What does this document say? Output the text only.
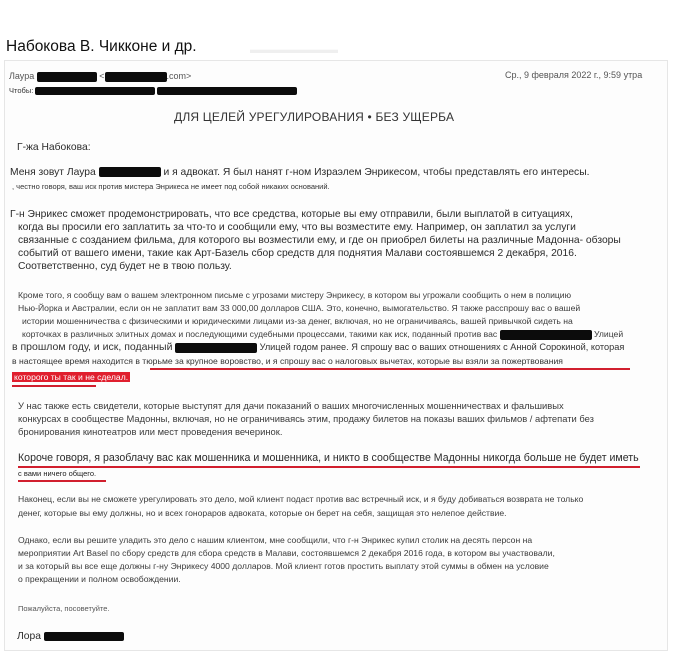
Набокова В. Чикконе и др.	▬▬▬▬▬▬▬▬
Лаура	<	.com>	Ср., 9 февраля 2022 г., 9:59 утра
Чтобы:
ДЛЯ ЦЕЛЕЙ УРЕГУЛИРОВАНИЯ • БЕЗ УЩЕРБА
Г-жа Набокова:
Меня зовут Лаура	и я адвокат. Я был нанят г-ном Израэлем Энрикесом, чтобы представлять его интересы.
, честно говоря, ваш иск против мистера Энрикеса не имеет под собой никаких оснований.
Г-н Энрикес сможет продемонстрировать, что все средства, которые вы ему отправили, были выплатой в ситуациях,
когда вы просили его заплатить за что-то и сообщили ему, что вы возместите ему. Например, он заплатил за услуги
связанные с созданием фильма, для которого вы возместили ему, и где он приобрел билеты на различные Мадонна- обзоры
событий от вашего имени, такие как Арт-Базель сбор средств для поднятия Малави состоявшемся 2 декабря, 2016.
Соответственно, суд будет не в твою пользу.
Кроме того, я сообщу вам о вашем электронном письме с угрозами мистеру Энрикесу, в котором вы угрожали сообщить о нем в полицию
Нью-Йорка и Австралии, если он не заплатит вам 33 000,00 долларов США. Это, конечно, вымогательство. Я также расспрошу вас о вашей
истории мошенничества с физическими и юридическими лицами из-за денег, включая, но не ограничиваясь, вашей привычкой сидеть на
корточках в различных элитных домах и последующими судебными процессами, такими как иск, поданный против вас	Улицей
в прошлом году, и иск, поданный	Улицей годом ранее. Я спрошу вас о ваших отношениях с Анной Сорокиной, которая
в настоящее время находится в тюрьме за крупное воровство, и я спрошу вас о налоговых вычетах, которые вы взяли за пожертвования
которого ты так и не сделал.
У нас также есть свидетели, которые выступят для дачи показаний о ваших многочисленных мошенничествах и фальшивых
конкурсах в сообществе Мадонны, включая, но не ограничиваясь этим, продажу билетов на показы ваших фильмов / афтепати без
бронирования кинотеатров или мест проведения вечеринок.
Короче говоря, я разоблачу вас как мошенника и мошенника, и никто в сообществе Мадонны никогда больше не будет иметь
с вами ничего общего.
Наконец, если вы не сможете урегулировать это дело, мой клиент подаст против вас встречный иск, и я буду добиваться возврата не только
денег, которые вы ему должны, но и всех гонораров адвоката, которые он берет на себя, защищая это нелепое действие.
Однако, если вы решите уладить это дело с нашим клиентом, мне сообщили, что г-н Энрикес купил столик на десять персон на
мероприятии Art Basel по сбору средств для сбора средств в Малави, состоявшемся 2 декабря 2016 года, в котором вы участвовали,
и за который вы все еще должны г-ну Энрикесу 4000 долларов. Мой клиент готов простить выплату этой суммы в обмен на условие
о прекращении и полном освобождении.
Пожалуйста, посоветуйте.
Лора
